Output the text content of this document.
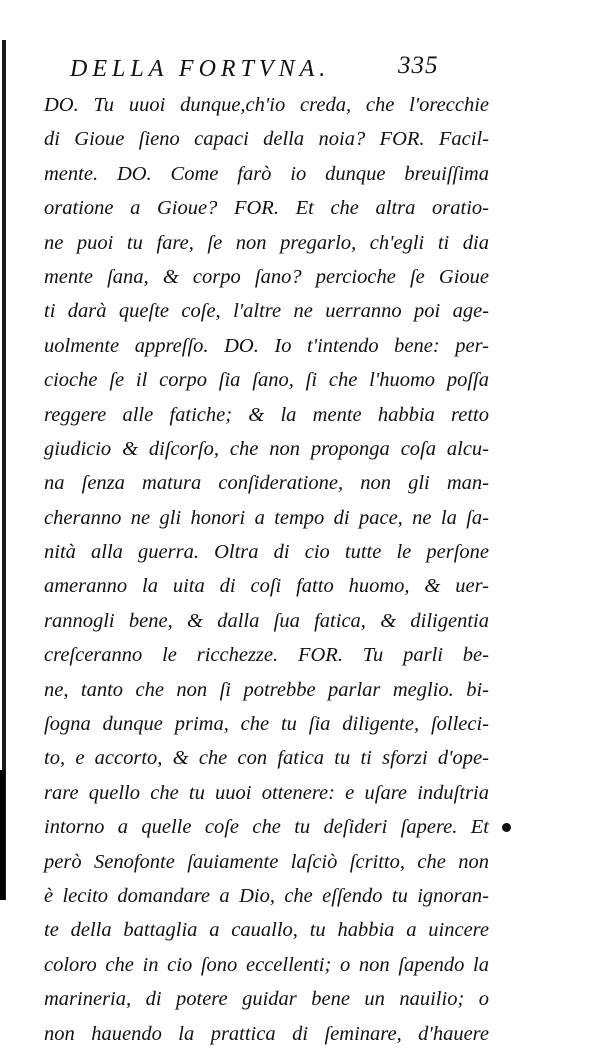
DELLA FORTVNA.	335
DO. Tu uuoi dunque,ch'io creda, che l'orecchie
di Gioue ſieno capaci della noia? FOR. Facil-
mente. DO. Come farò io dunque breuiſſima
oratione a Gioue? FOR. Et che altra oratio-
ne puoi tu fare, ſe non pregarlo, ch'egli ti dia
mente ſana, & corpo ſano? percioche ſe Gioue
ti darà queſte coſe, l'altre ne uerranno poi age-
uolmente appreſſo. DO. Io t'intendo bene: per-
cioche ſe il corpo ſia ſano, ſi che l'huomo poſſa
reggere alle fatiche; & la mente habbia retto
giudicio & diſcorſo, che non proponga coſa alcu-
na ſenza matura conſideratione, non gli man-
cheranno ne gli honori a tempo di pace, ne la ſa-
nità alla guerra. Oltra di cio tutte le perſone
ameranno la uita di coſi fatto huomo, & uer-
rannogli bene, & dalla ſua fatica, & diligentia
creſceranno le ricchezze. FOR. Tu parli be-
ne, tanto che non ſi potrebbe parlar meglio. bi-
ſogna dunque prima, che tu ſia diligente, ſolleci-
to, e accorto, & che con fatica tu ti sforzi d'ope-
rare quello che tu uuoi ottenere: e uſare induſtria
intorno a quelle coſe che tu deſideri ſapere. Et
però Senofonte ſauiamente laſciò ſcritto, che non
è lecito domandare a Dio, che eſſendo tu ignoran-
te della battaglia a cauallo, tu habbia a uincere
coloro che in cio ſono eccellenti; o non ſapendo la
marineria, di potere guidar bene un nauilio; o
non hauendo la prattica di ſeminare, d'hauere
